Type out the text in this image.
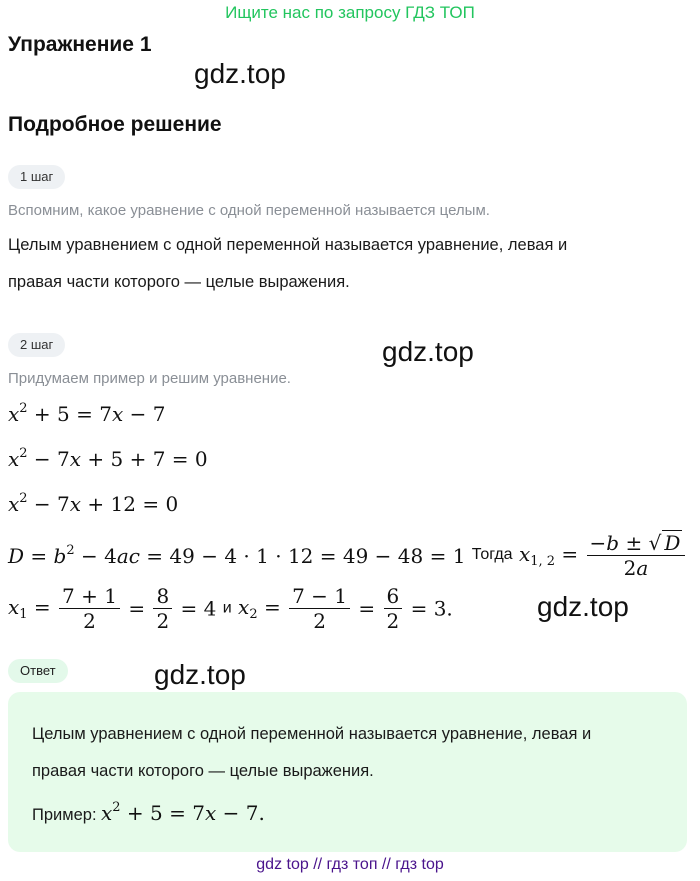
Ищите нас по запросу ГДЗ ТОП
Упражнение 1
gdz.top
Подробное решение
1 шаг
Вспомним, какое уравнение с одной переменной называется целым.
Целым уравнением с одной переменной называется уравнение, левая и
правая части которого — целые выражения.
2 шаг	gdz.top
Придумаем пример и решим уравнение.
$x^2 + 5 = 7x - 7$
$x^2 - 7x + 5 + 7 = 0$
$x^2 - 7x + 12 = 0$
$D = b^2 - 4ac = 49 - 4 \cdot 1 \cdot 12 = 49 - 48 = 1$ Тогда $x_{1, 2} = \frac{-b \pm √ D}{2a}$
$x_1 = \frac{7 + 1}{2} = \frac{8}{2} = 4$ и $x_2 = \frac{7 - 1}{2} = \frac{6}{2} = 3$.	gdz.top
Ответ	gdz.top
Целым уравнением с одной переменной называется уравнение, левая и
правая части которого — целые выражения.
Пример: $x^2 + 5 = 7x - 7$.
gdz top // гдз топ // гдз top
